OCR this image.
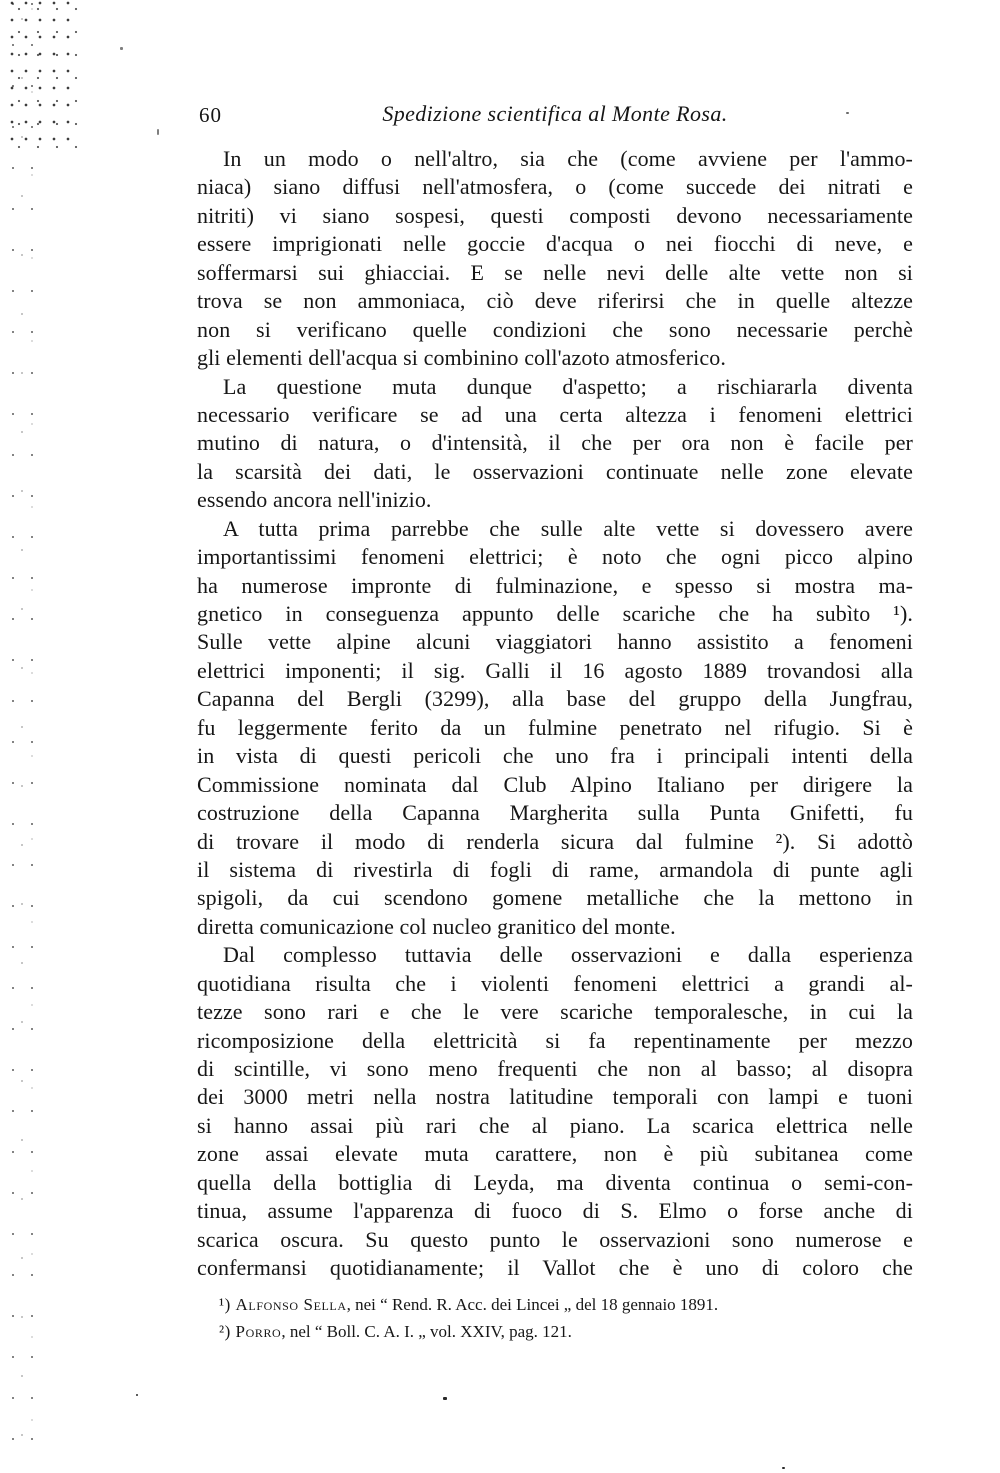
60	Spedizione scientifica al Monte Rosa.

In un modo o nell'altro, sia che (come avviene per l'ammo-
niaca) siano diffusi nell'atmosfera, o (come succede dei nitrati e
nitriti) vi siano sospesi, questi composti devono necessariamente
essere imprigionati nelle goccie d'acqua o nei fiocchi di neve, e
soffermarsi sui ghiacciai. E se nelle nevi delle alte vette non si
trova se non ammoniaca, ciò deve riferirsi che in quelle altezze
non si verificano quelle condizioni che sono necessarie perchè
gli elementi dell'acqua si combinino coll'azoto atmosferico.

La questione muta dunque d'aspetto; a rischiararla diventa
necessario verificare se ad una certa altezza i fenomeni elettrici
mutino di natura, o d'intensità, il che per ora non è facile per
la scarsità dei dati, le osservazioni continuate nelle zone elevate
essendo ancora nell'inizio.

A tutta prima parrebbe che sulle alte vette si dovessero avere
importantissimi fenomeni elettrici; è noto che ogni picco alpino
ha numerose impronte di fulminazione, e spesso si mostra ma-
gnetico in conseguenza appunto delle scariche che ha subìto ¹).
Sulle vette alpine alcuni viaggiatori hanno assistito a fenomeni
elettrici imponenti; il sig. Galli il 16 agosto 1889 trovandosi alla
Capanna del Bergli (3299), alla base del gruppo della Jungfrau,
fu leggermente ferito da un fulmine penetrato nel rifugio. Si è
in vista di questi pericoli che uno fra i principali intenti della
Commissione nominata dal Club Alpino Italiano per dirigere la
costruzione della Capanna Margherita sulla Punta Gnifetti, fu
di trovare il modo di renderla sicura dal fulmine ²). Si adottò
il sistema di rivestirla di fogli di rame, armandola di punte agli
spigoli, da cui scendono gomene metalliche che la mettono in
diretta comunicazione col nucleo granitico del monte.

Dal complesso tuttavia delle osservazioni e dalla esperienza
quotidiana risulta che i violenti fenomeni elettrici a grandi al-
tezze sono rari e che le vere scariche temporalesche, in cui la
ricomposizione della elettricità si fa repentinamente per mezzo
di scintille, vi sono meno frequenti che non al basso; al disopra
dei 3000 metri nella nostra latitudine temporali con lampi e tuoni
si hanno assai più rari che al piano. La scarica elettrica nelle
zone assai elevate muta carattere, non è più subitanea come
quella della bottiglia di Leyda, ma diventa continua o semi-con-
tinua, assume l'apparenza di fuoco di S. Elmo o forse anche di
scarica oscura. Su questo punto le osservazioni sono numerose e
confermansi quotidianamente; il Vallot che è uno di coloro che

¹) Alfonso Sella, nei “ Rend. R. Acc. dei Lincei „ del 18 gennaio 1891.
²) Porro, nel “ Boll. C. A. I. „ vol. XXIV, pag. 121.
